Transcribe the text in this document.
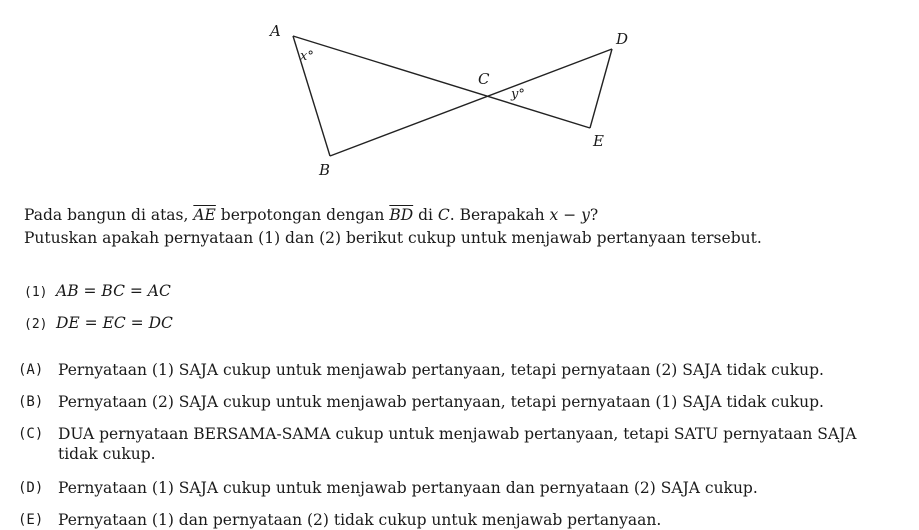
A
B
C
D
E
x°
y°
Pada bangun di atas, $\overline{AE}$ berpotongan dengan $\overline{BD}$ di C. Berapakah x − y?
Putuskan apakah pernyataan (1) dan (2) berikut cukup untuk menjawab pertanyaan tersebut.
(1) AB = BC = AC
(2) DE = EC = DC
(A) Pernyataan (1) SAJA cukup untuk menjawab pertanyaan, tetapi pernyataan (2) SAJA tidak cukup.
(B) Pernyataan (2) SAJA cukup untuk menjawab pertanyaan, tetapi pernyataan (1) SAJA tidak cukup.
(C) DUA pernyataan BERSAMA-SAMA cukup untuk menjawab pertanyaan, tetapi SATU pernyataan SAJA tidak cukup.
(D) Pernyataan (1) SAJA cukup untuk menjawab pertanyaan dan pernyataan (2) SAJA cukup.
(E) Pernyataan (1) dan pernyataan (2) tidak cukup untuk menjawab pertanyaan.
